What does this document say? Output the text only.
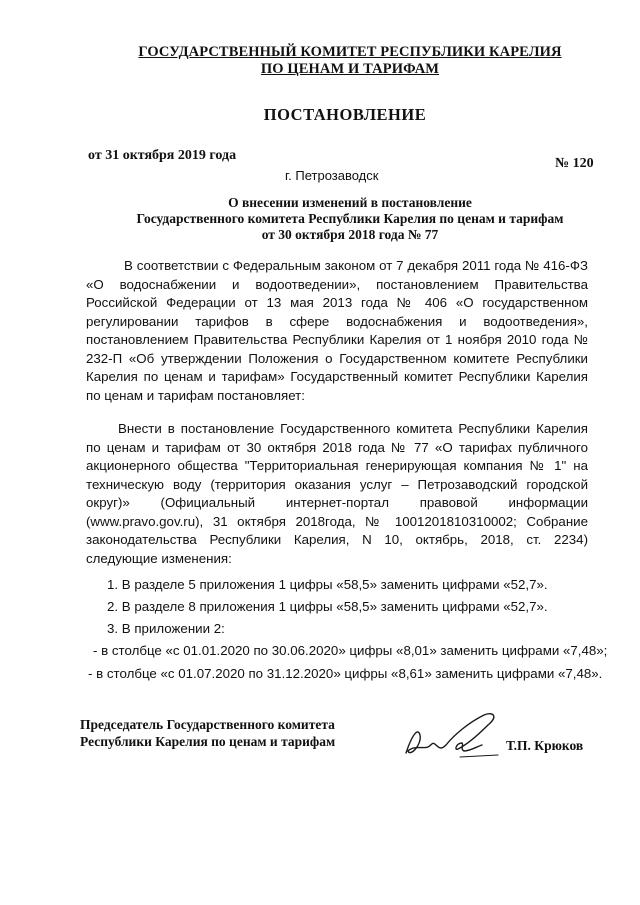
ГОСУДАРСТВЕННЫЙ КОМИТЕТ РЕСПУБЛИКИ КАРЕЛИЯ
ПО ЦЕНАМ И ТАРИФАМ
ПОСТАНОВЛЕНИЕ
от 31 октября 2019 года
№ 120
г. Петрозаводск
О внесении изменений в постановление
Государственного комитета Республики Карелия по ценам и тарифам
от 30 октября 2018 года № 77
В соответствии с Федеральным законом от 7 декабря 2011 года № 416-ФЗ «О водоснабжении и водоотведении», постановлением Правительства Российской Федерации от 13 мая 2013 года № 406 «О государственном регулировании тарифов в сфере водоснабжения и водоотведения», постановлением Правительства Республики Карелия от 1 ноября 2010 года № 232-П «Об утверждении Положения о Государственном комитете Республики Карелия по ценам и тарифам» Государственный комитет Республики Карелия по ценам и тарифам постановляет:
Внести в постановление Государственного комитета Республики Карелия по ценам и тарифам от 30 октября 2018 года № 77 «О тарифах публичного акционерного общества "Территориальная генерирующая компания № 1" на техническую воду (территория оказания услуг – Петрозаводский городской округ)» (Официальный интернет-портал правовой информации (www.pravo.gov.ru), 31 октября 2018года, № 1001201810310002; Собрание законодательства Республики Карелия, N 10, октябрь, 2018, ст. 2234) следующие изменения:
1. В разделе 5 приложения 1 цифры «58,5» заменить цифрами «52,7».
2. В разделе 8 приложения 1 цифры «58,5» заменить цифрами «52,7».
3. В приложении 2:
- в столбце «с 01.01.2020 по 30.06.2020» цифры «8,01» заменить цифрами «7,48»;
- в столбце «с 01.07.2020 по 31.12.2020» цифры «8,61» заменить цифрами «7,48».
Председатель Государственного комитета
Республики Карелия по ценам и тарифам	Т.П. Крюков
